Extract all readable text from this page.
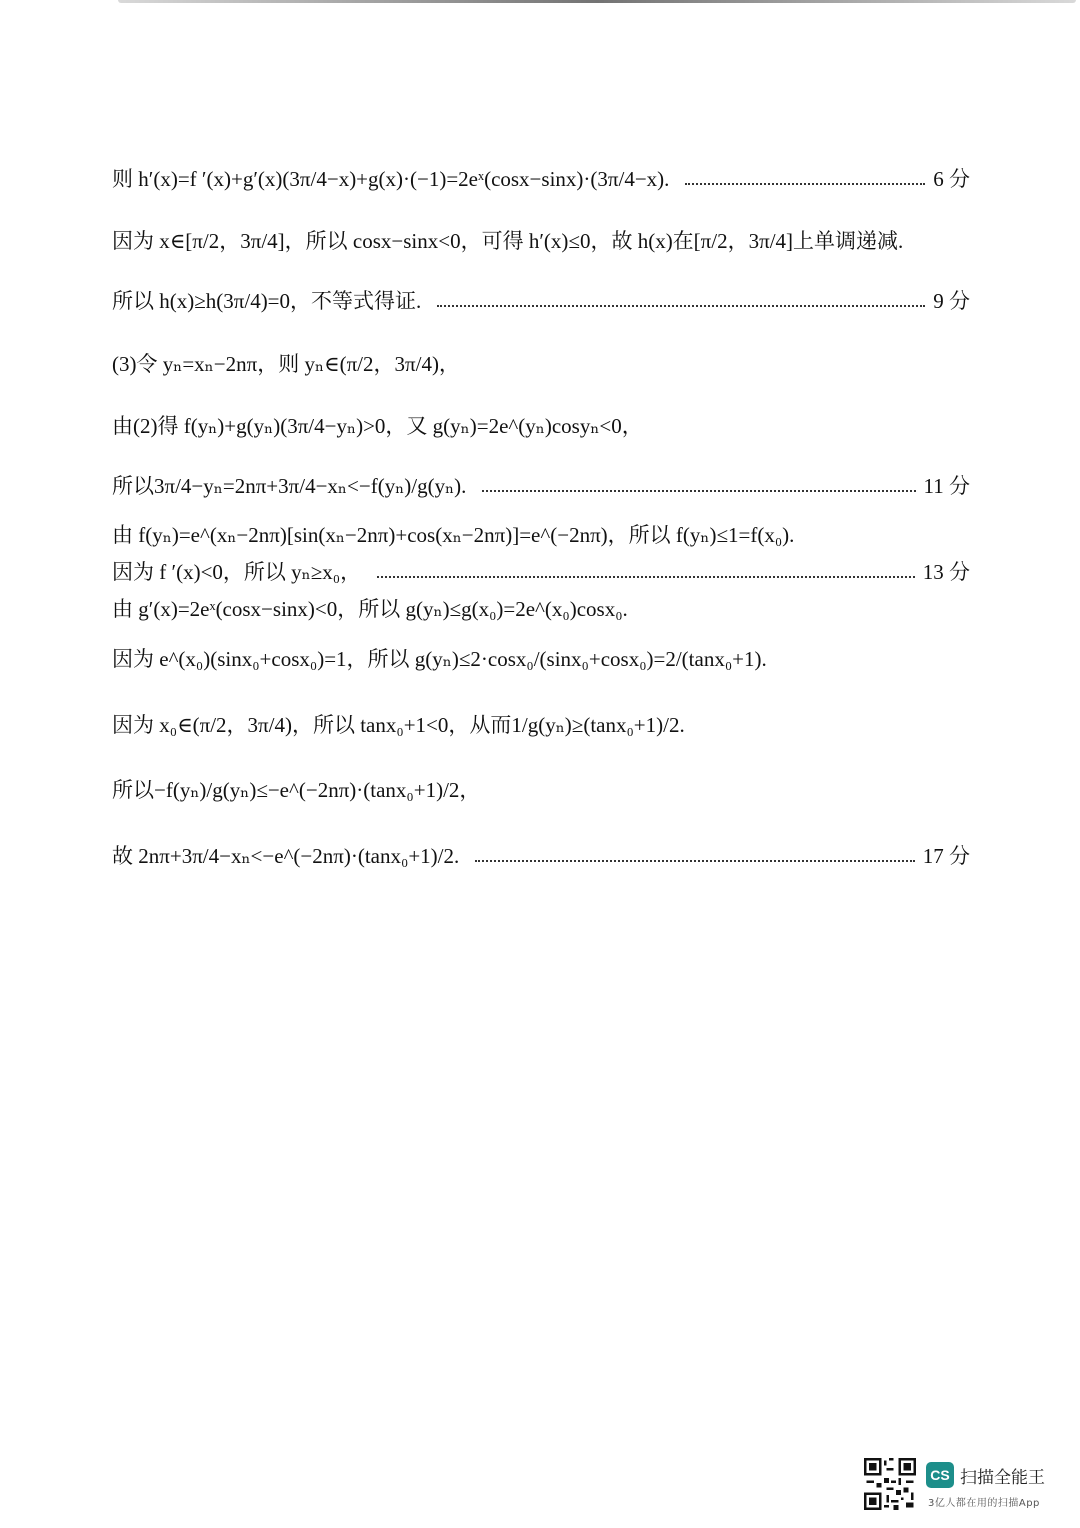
则 h′(x)=f ′(x)+g′(x)(3π/4−x)+g(x)·(−1)=2eˣ(cosx−sinx)·(3π/4−x).	6 分
因为 x∈[π/2，3π/4]，所以 cosx−sinx<0，可得 h′(x)≤0，故 h(x)在[π/2，3π/4]上单调递减.
所以 h(x)≥h(3π/4)=0，不等式得证.	9 分
(3)令 yₙ=xₙ−2nπ，则 yₙ∈(π/2，3π/4)，
由(2)得 f(yₙ)+g(yₙ)(3π/4−yₙ)>0，又 g(yₙ)=2e^(yₙ)cosyₙ<0，
所以3π/4−yₙ=2nπ+3π/4−xₙ<−f(yₙ)/g(yₙ).	11 分
由 f(yₙ)=e^(xₙ−2nπ)[sin(xₙ−2nπ)+cos(xₙ−2nπ)]=e^(−2nπ)，所以 f(yₙ)≤1=f(x₀).
因为 f ′(x)<0，所以 yₙ≥x₀，	13 分
由 g′(x)=2eˣ(cosx−sinx)<0，所以 g(yₙ)≤g(x₀)=2e^(x₀)cosx₀.
因为 e^(x₀)(sinx₀+cosx₀)=1，所以 g(yₙ)≤2·cosx₀/(sinx₀+cosx₀)=2/(tanx₀+1).
因为 x₀∈(π/2，3π/4)，所以 tanx₀+1<0，从而1/g(yₙ)≥(tanx₀+1)/2.
所以−f(yₙ)/g(yₙ)≤−e^(−2nπ)·(tanx₀+1)/2，
故 2nπ+3π/4−xₙ<−e^(−2nπ)·(tanx₀+1)/2.	17 分
CS 扫描全能王
3亿人都在用的扫描App
